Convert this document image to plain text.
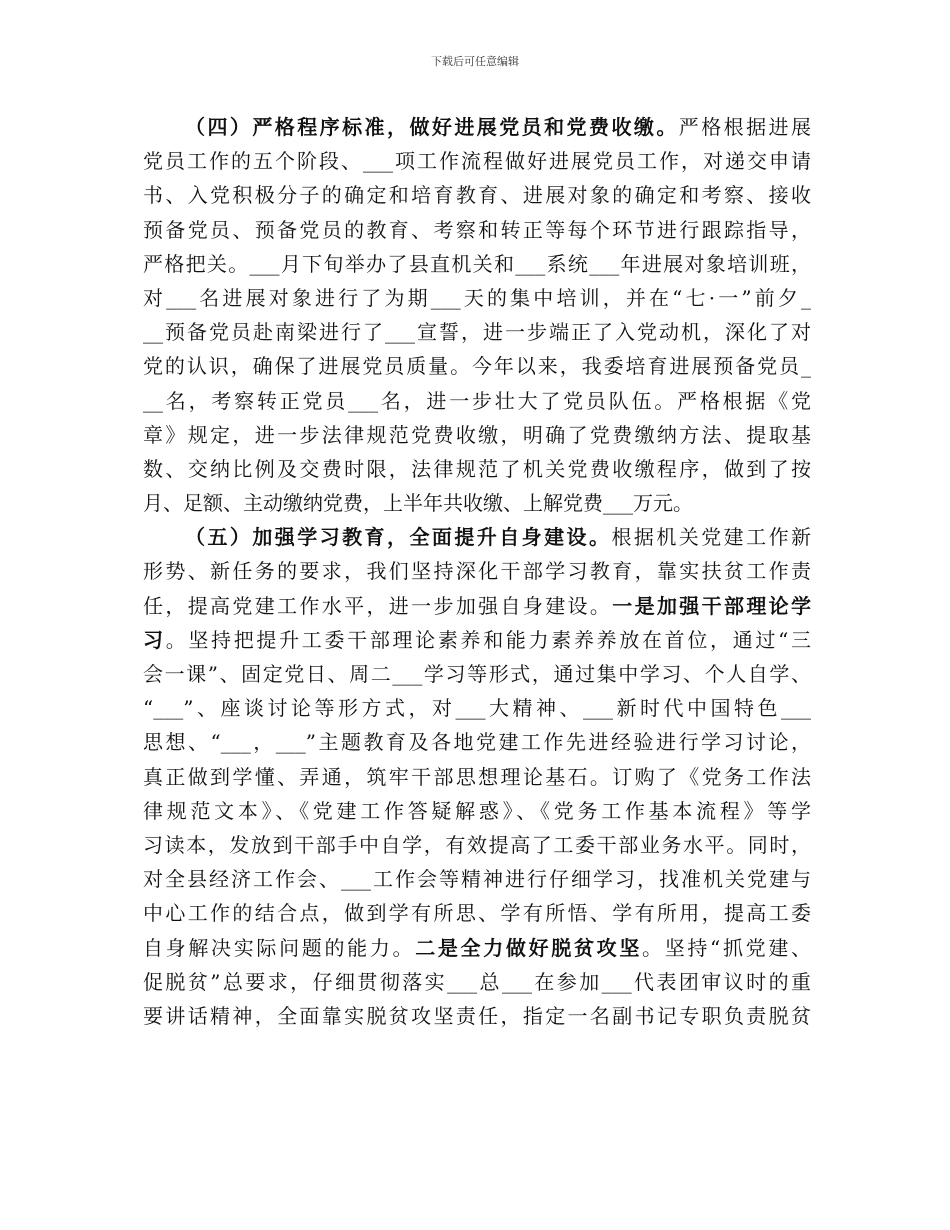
下载后可任意编辑
（四）严格程序标准，做好进展党员和党费收缴。严格根据进展
党员工作的五个阶段、___项工作流程做好进展党员工作，对递交申请
书、入党积极分子的确定和培育教育、进展对象的确定和考察、接收
预备党员、预备党员的教育、考察和转正等每个环节进行跟踪指导，
严格把关。___月下旬举办了县直机关和___系统___年进展对象培训班，
对___名进展对象进行了为期___天的集中培训，并在“七·一”前夕_
__预备党员赴南梁进行了___宣誓，进一步端正了入党动机，深化了对
党的认识，确保了进展党员质量。今年以来，我委培育进展预备党员_
__名，考察转正党员___名，进一步壮大了党员队伍。严格根据《党
章》规定，进一步法律规范党费收缴，明确了党费缴纳方法、提取基
数、交纳比例及交费时限，法律规范了机关党费收缴程序，做到了按
月、足额、主动缴纳党费，上半年共收缴、上解党费___万元。
（五）加强学习教育，全面提升自身建设。根据机关党建工作新
形势、新任务的要求，我们坚持深化干部学习教育，靠实扶贫工作责
任，提高党建工作水平，进一步加强自身建设。一是加强干部理论学
习。坚持把提升工委干部理论素养和能力素养养放在首位，通过“三
会一课”、固定党日、周二___学习等形式，通过集中学习、个人自学、
“___”、座谈讨论等形方式，对___大精神、___新时代中国特色___
思想、“___，___”主题教育及各地党建工作先进经验进行学习讨论，
真正做到学懂、弄通，筑牢干部思想理论基石。订购了《党务工作法
律规范文本》、《党建工作答疑解惑》、《党务工作基本流程》等学
习读本，发放到干部手中自学，有效提高了工委干部业务水平。同时，
对全县经济工作会、___工作会等精神进行仔细学习，找准机关党建与
中心工作的结合点，做到学有所思、学有所悟、学有所用，提高工委
自身解决实际问题的能力。二是全力做好脱贫攻坚。坚持“抓党建、
促脱贫”总要求，仔细贯彻落实___总___在参加___代表团审议时的重
要讲话精神，全面靠实脱贫攻坚责任，指定一名副书记专职负责脱贫
